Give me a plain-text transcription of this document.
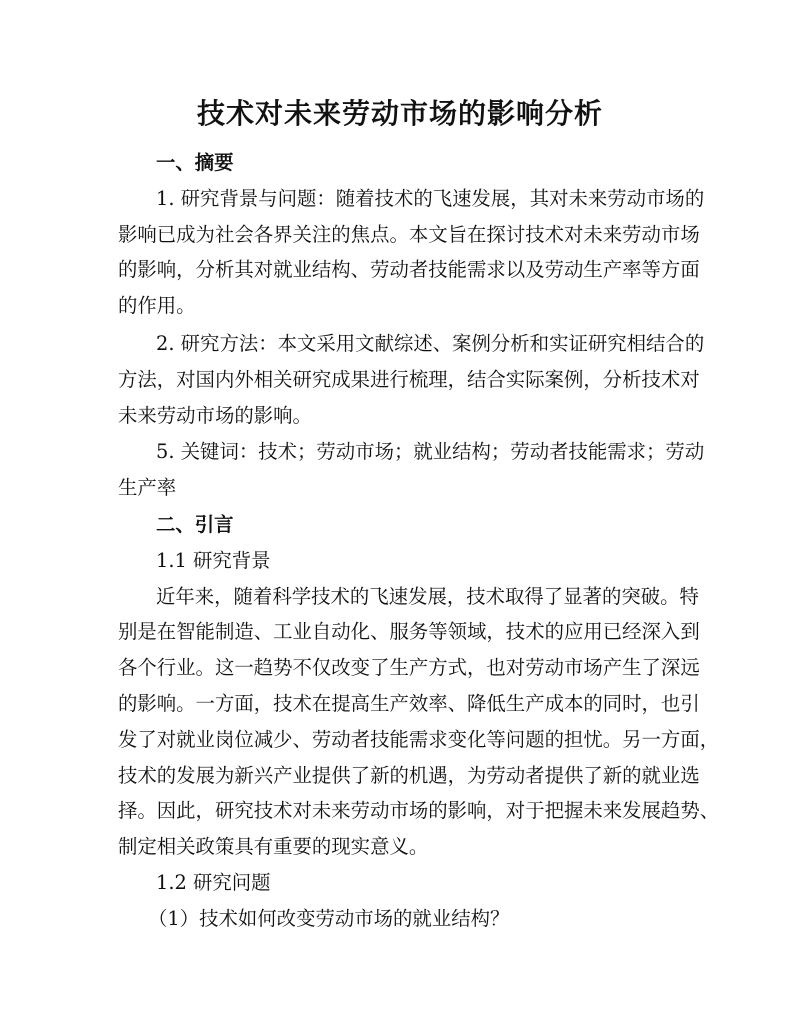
技术对未来劳动市场的影响分析
一、摘要
1. 研究背景与问题：随着技术的飞速发展，其对未来劳动市场的
影响已成为社会各界关注的焦点。本文旨在探讨技术对未来劳动市场
的影响，分析其对就业结构、劳动者技能需求以及劳动生产率等方面
的作用。
2. 研究方法：本文采用文献综述、案例分析和实证研究相结合的
方法，对国内外相关研究成果进行梳理，结合实际案例，分析技术对
未来劳动市场的影响。
5. 关键词：技术；劳动市场；就业结构；劳动者技能需求；劳动
生产率
二、引言
1.1 研究背景
近年来，随着科学技术的飞速发展，技术取得了显著的突破。特
别是在智能制造、工业自动化、服务等领域，技术的应用已经深入到
各个行业。这一趋势不仅改变了生产方式，也对劳动市场产生了深远
的影响。一方面，技术在提高生产效率、降低生产成本的同时，也引
发了对就业岗位减少、劳动者技能需求变化等问题的担忧。另一方面，
技术的发展为新兴产业提供了新的机遇，为劳动者提供了新的就业选
择。因此，研究技术对未来劳动市场的影响，对于把握未来发展趋势、
制定相关政策具有重要的现实意义。
1.2 研究问题
（1）技术如何改变劳动市场的就业结构？
